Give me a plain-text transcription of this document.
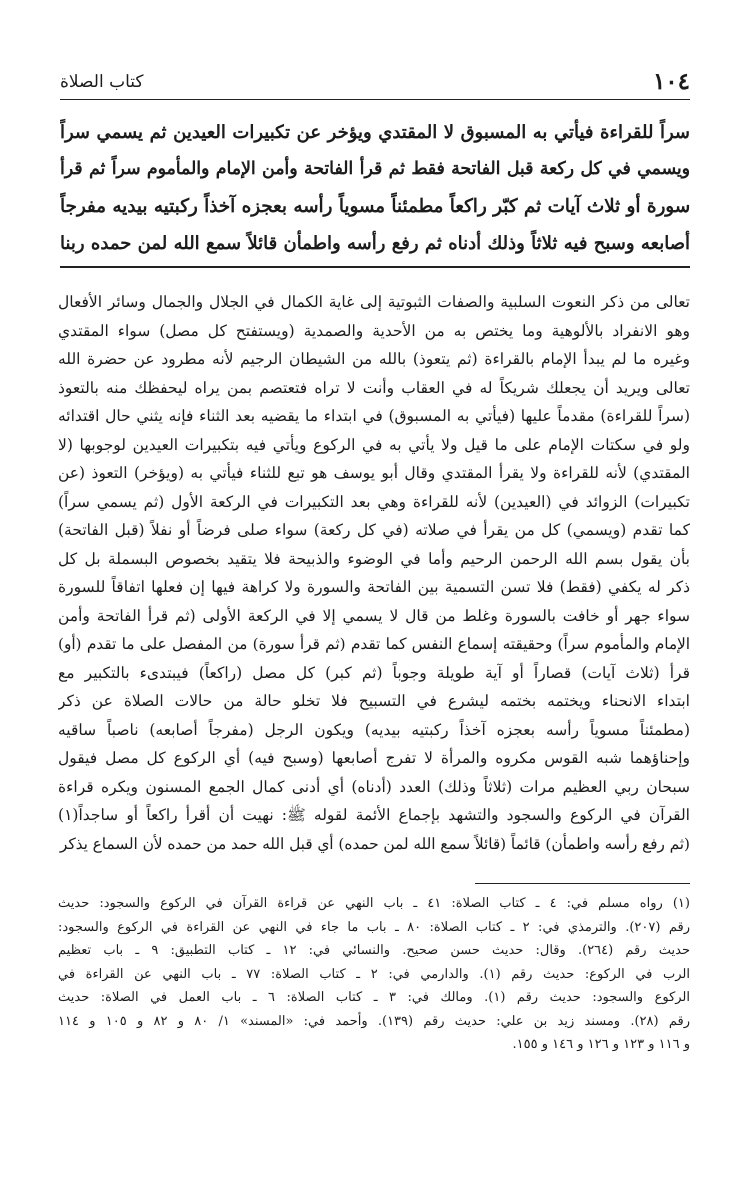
١٠٤
كتاب الصلاة
سراً للقراءة فيأتي به المسبوق لا المقتدي ويؤخر عن تكبيرات العيدين ثم يسمي سراً
ويسمي في كل ركعة قبل الفاتحة فقط ثم قرأ الفاتحة وأمن الإمام والمأموم سراً ثم قرأ
سورة أو ثلاث آيات ثم كبّر راكعاً مطمئناً مسوياً رأسه بعجزه آخذاً ركبتيه بيديه مفرجاً
أصابعه وسبح فيه ثلاثاً وذلك أدناه ثم رفع رأسه واطمأن قائلاً سمع الله لمن حمده ربنا
تعالى من ذكر النعوت السلبية والصفات الثبوتية إلى غاية الكمال في الجلال والجمال وسائر الأفعال
وهو الانفراد بالألوهية وما يختص به من الأحدية والصمدية (ويستفتح كل مصل) سواء المقتدي
وغيره ما لم يبدأ الإمام بالقراءة (ثم يتعوذ) بالله من الشيطان الرجيم لأنه مطرود عن حضرة الله
تعالى ويريد أن يجعلك شريكاً له في العقاب وأنت لا تراه فتعتصم بمن يراه ليحفظك منه بالتعوذ
(سراً للقراءة) مقدماً عليها (فيأتي به المسبوق) في ابتداء ما يقضيه بعد الثناء فإنه يثني حال اقتدائه
ولو في سكتات الإمام على ما قيل ولا يأتي به في الركوع ويأتي فيه بتكبيرات العيدين لوجوبها (لا
المقتدي) لأنه للقراءة ولا يقرأ المقتدي وقال أبو يوسف هو تبع للثناء فيأتي به (ويؤخر) التعوذ (عن
تكبيرات) الزوائد في (العيدين) لأنه للقراءة وهي بعد التكبيرات في الركعة الأول (ثم يسمي سراً)
كما تقدم (ويسمي) كل من يقرأ في صلاته (في كل ركعة) سواء صلى فرضاً أو نفلاً (قبل الفاتحة)
بأن يقول بسم الله الرحمن الرحيم وأما في الوضوء والذبيحة فلا يتقيد بخصوص البسملة بل كل
ذكر له يكفي (فقط) فلا تسن التسمية بين الفاتحة والسورة ولا كراهة فيها إن فعلها اتفاقاً للسورة
سواء جهر أو خافت بالسورة وغلط من قال لا يسمي إلا في الركعة الأولى (ثم قرأ الفاتحة وأمن
الإمام والمأموم سراً) وحقيقته إسماع النفس كما تقدم (ثم قرأ سورة) من المفصل على ما تقدم (أو)
قرأ (ثلاث آيات) قصاراً أو آية طويلة وجوباً (ثم كبر) كل مصل (راكعاً) فيبتدىء بالتكبير مع
ابتداء الانحناء ويختمه بختمه ليشرع في التسبيح فلا تخلو حالة من حالات الصلاة عن ذكر
(مطمئناً مسوياً رأسه بعجزه آخذاً ركبتيه بيديه) ويكون الرجل (مفرجاً أصابعه) ناصباً ساقيه
وإحناؤهما شبه القوس مكروه والمرأة لا تفرج أصابعها (وسبح فيه) أي الركوع كل مصل فيقول
سبحان ربي العظيم مرات (ثلاثاً وذلك) العدد (أدناه) أي أدنى كمال الجمع المسنون ويكره قراءة
القرآن في الركوع والسجود والتشهد بإجماع الأئمة لقوله ﷺ: نهيت أن أقرأ راكعاً أو ساجداً(١)
(ثم رفع رأسه واطمأن) قائماً (قائلاً سمع الله لمن حمده) أي قبل الله حمد من حمده لأن السماع يذكر
(١) رواه مسلم في: ٤ ـ كتاب الصلاة: ٤١ ـ باب النهي عن قراءة القرآن في الركوع والسجود: حديث
رقم (٢٠٧). والترمذي في: ٢ ـ كتاب الصلاة: ٨٠ ـ باب ما جاء في النهي عن القراءة في الركوع والسجود:
حديث رقم (٢٦٤). وقال: حديث حسن صحيح. والنسائي في: ١٢ ـ كتاب التطبيق: ٩ ـ باب تعظيم
الرب في الركوع: حديث رقم (١). والدارمي في: ٢ ـ كتاب الصلاة: ٧٧ ـ باب النهي عن القراءة في
الركوع والسجود: حديث رقم (١). ومالك في: ٣ ـ كتاب الصلاة: ٦ ـ باب العمل في الصلاة: حديث
رقم (٢٨). ومسند زيد بن علي: حديث رقم (١٣٩). وأحمد في: «المسند» ١/ ٨٠ و ٨٢ و ١٠٥ و ١١٤
و ١١٦ و ١٢٣ و ١٢٦ و ١٤٦ و ١٥٥.
